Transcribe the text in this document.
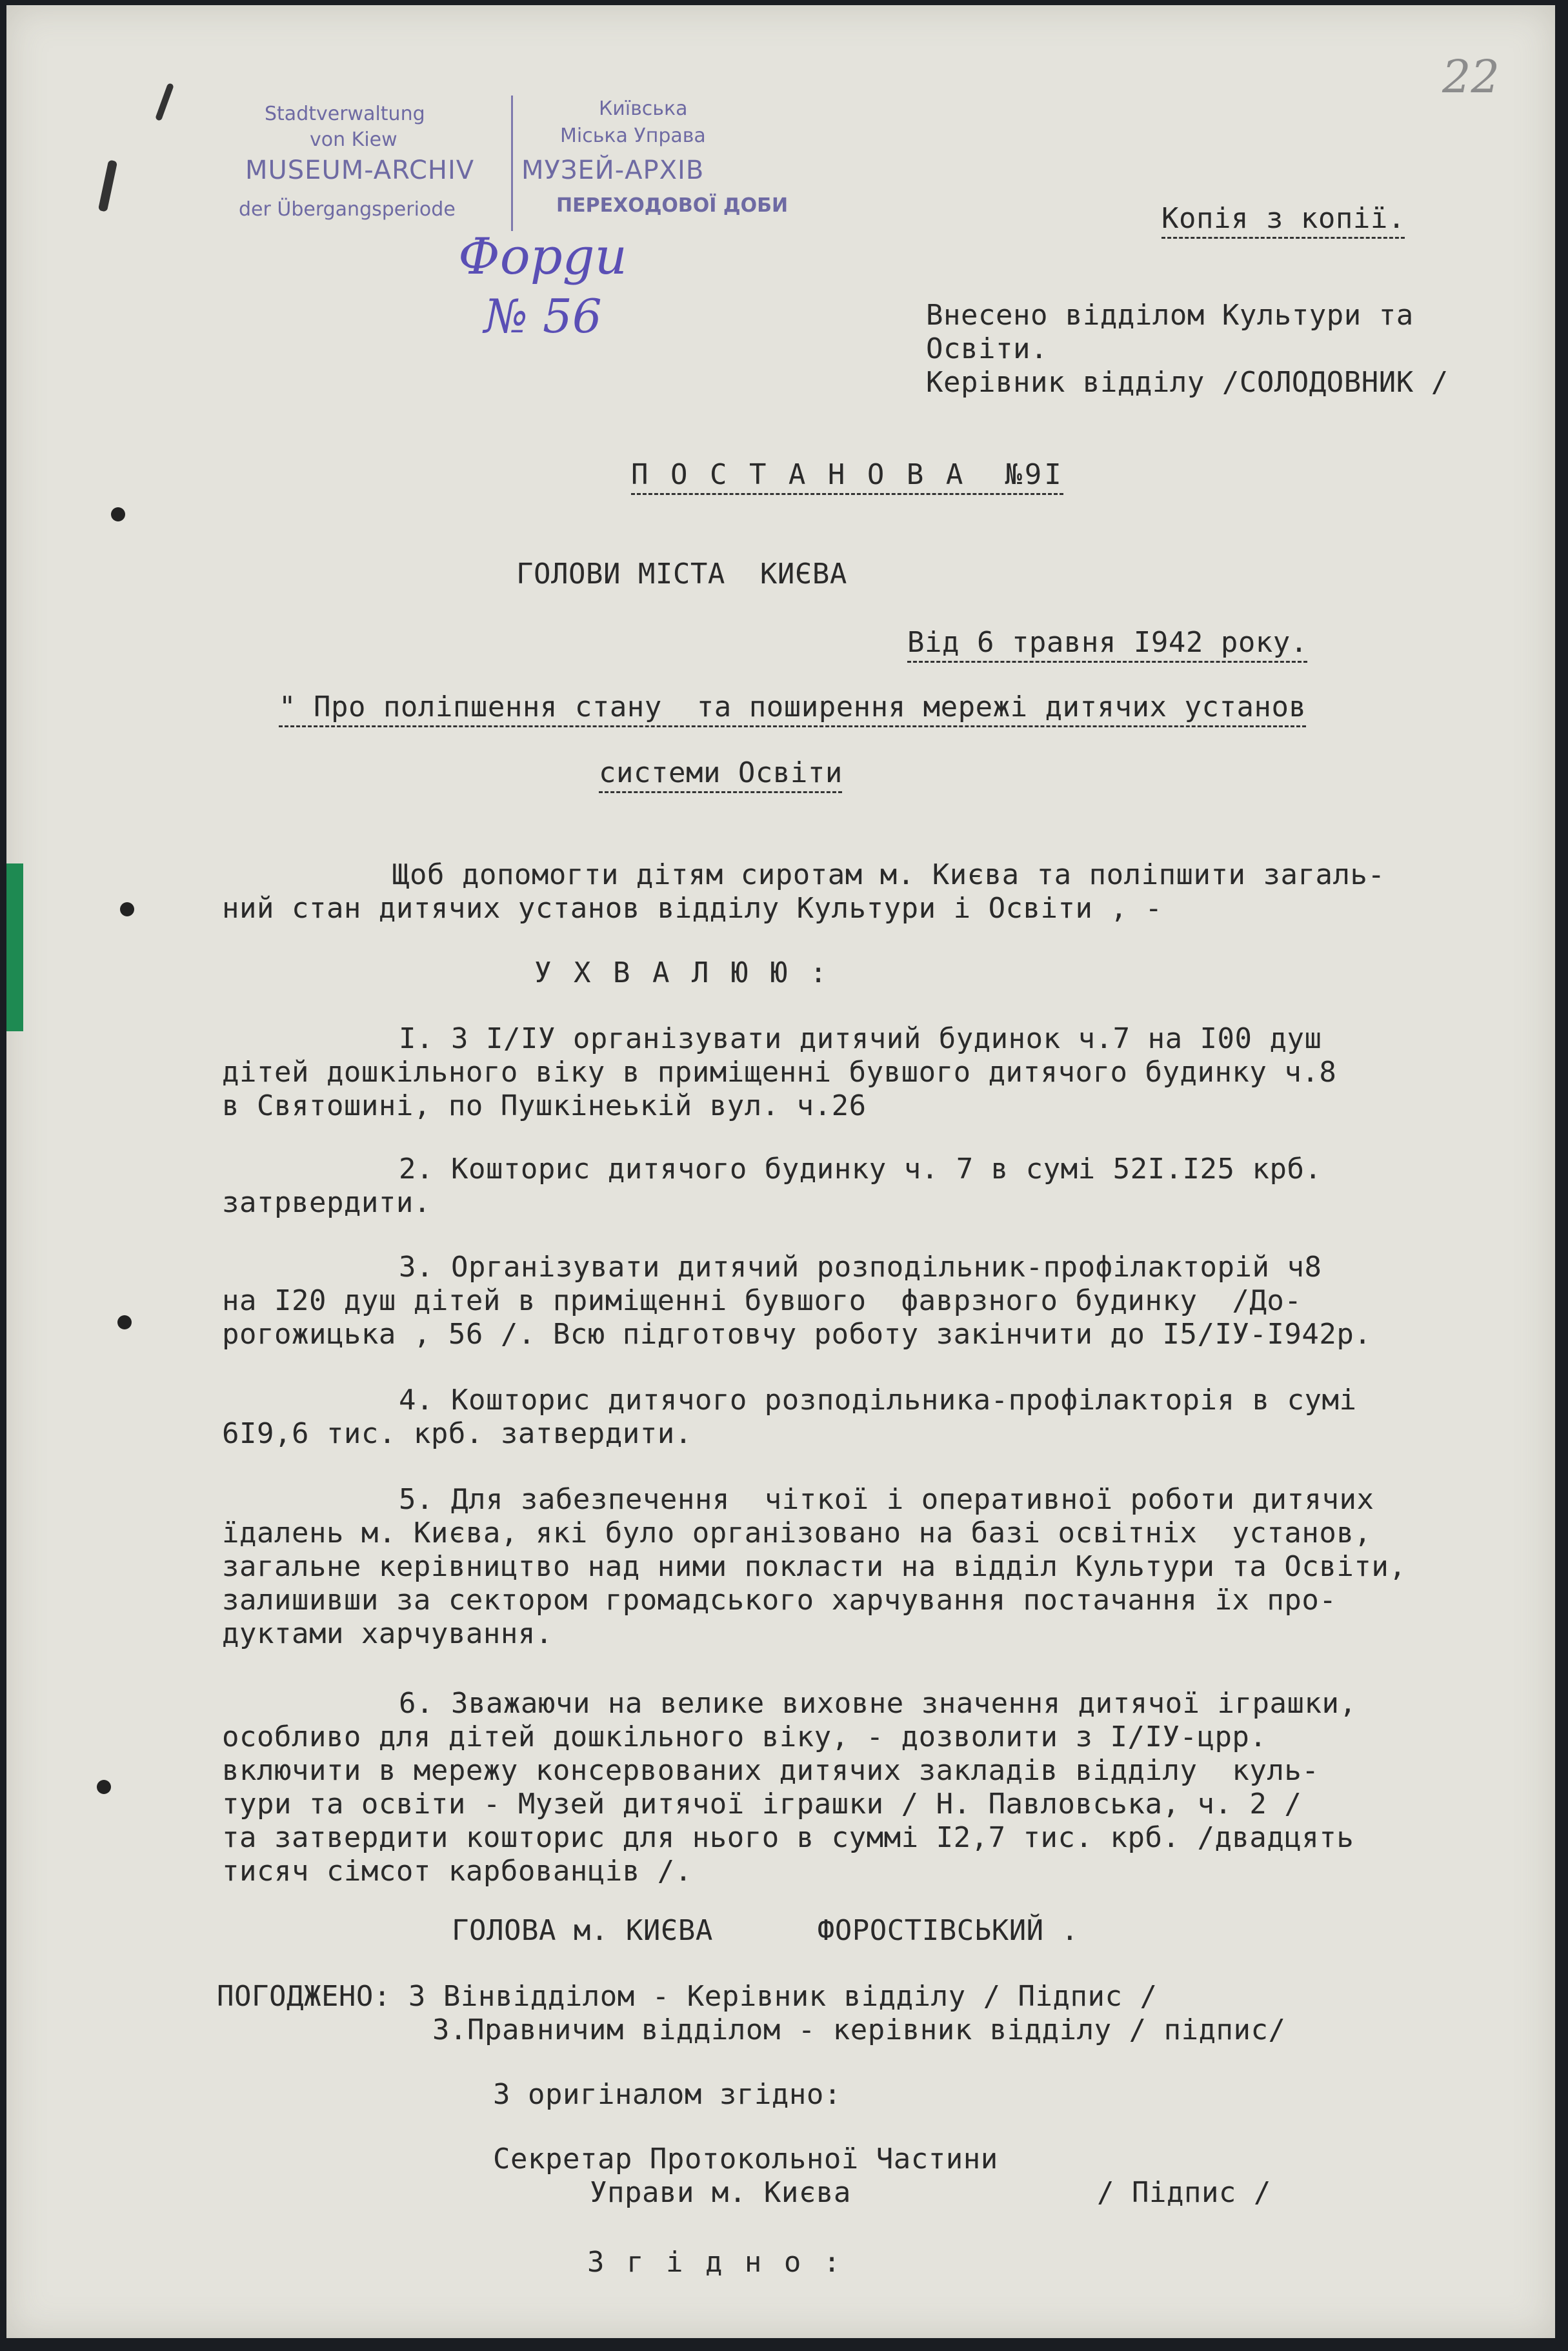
22

Stadtverwaltung

von Kiew

MUSEUM-ARCHIV

der Übergangsperiode

Київська

Міська Управа

МУЗЕЙ-АРХІВ

ПЕРЕХОДОВОЇ ДОБИ

Фоpgu

№ 56

Копія з копії.

Внесено відділом Культури та

Освіти.

Керівник відділу /СОЛОДОВНИК /

П О С Т А Н О В А  №9І

ГОЛОВИ МІСТА  КИЄВА

Від 6 травня І942 року.

" Про поліпшення стану  та поширення мережі дитячих установ

системи Освіти

Щоб допомогти дітям сиротам м. Києва та поліпшити загаль-

ний стан дитячих установ відділу Культури і Освіти , -

У Х В А Л Ю Ю :

І. З І/ІУ організувати дитячий будинок ч.7 на І00 душ

дітей дошкільного віку в приміщенні бувшого дитячого будинку ч.8

в Святошині, по Пушкінеькій вул. ч.26

2. Кошторис дитячого будинку ч. 7 в сумі 52І.І25 крб.

затрвердити.

3. Організувати дитячий розподільник-профілакторій ч8

на І20 душ дітей в приміщенні бувшого  фаврзного будинку  /До-

рогожицька , 56 /. Всю підготовчу роботу закінчити до І5/ІУ-І942р.

4. Кошторис дитячого розподільника-профілакторія в сумі

6І9,6 тис. крб. затвердити.

5. Для забезпечення  чіткої і оперативної роботи дитячих

їдалень м. Києва, які було організовано на базі освітніх  установ,

загальне керівництво над ними покласти на відділ Культури та Освіти,

залишивши за сектором громадського харчування постачання їх про-

дуктами харчування.

6. Зважаючи на велике виховне значення дитячої іграшки,

особливо для дітей дошкільного віку, - дозволити з І/ІУ-црр.

включити в мережу консервованих дитячих закладів відділу  куль-

тури та освіти - Музей дитячої іграшки / Н. Павловська, ч. 2 /

та затвердити кошторис для нього в суммі І2,7 тис. крб. /двадцять

тисяч сімсот карбованців /.

ГОЛОВА м. КИЄВА      ФОРОСТІВСЬКИЙ .

ПОГОДЖЕНО: З Вінвідділом - Керівник відділу / Підпис /

З.Правничим відділом - керівник відділу / підпис/

З оригіналом згідно:

Секретар Протокольної Частини

Управи м. Києва	/ Підпис /

З г і д н о :
